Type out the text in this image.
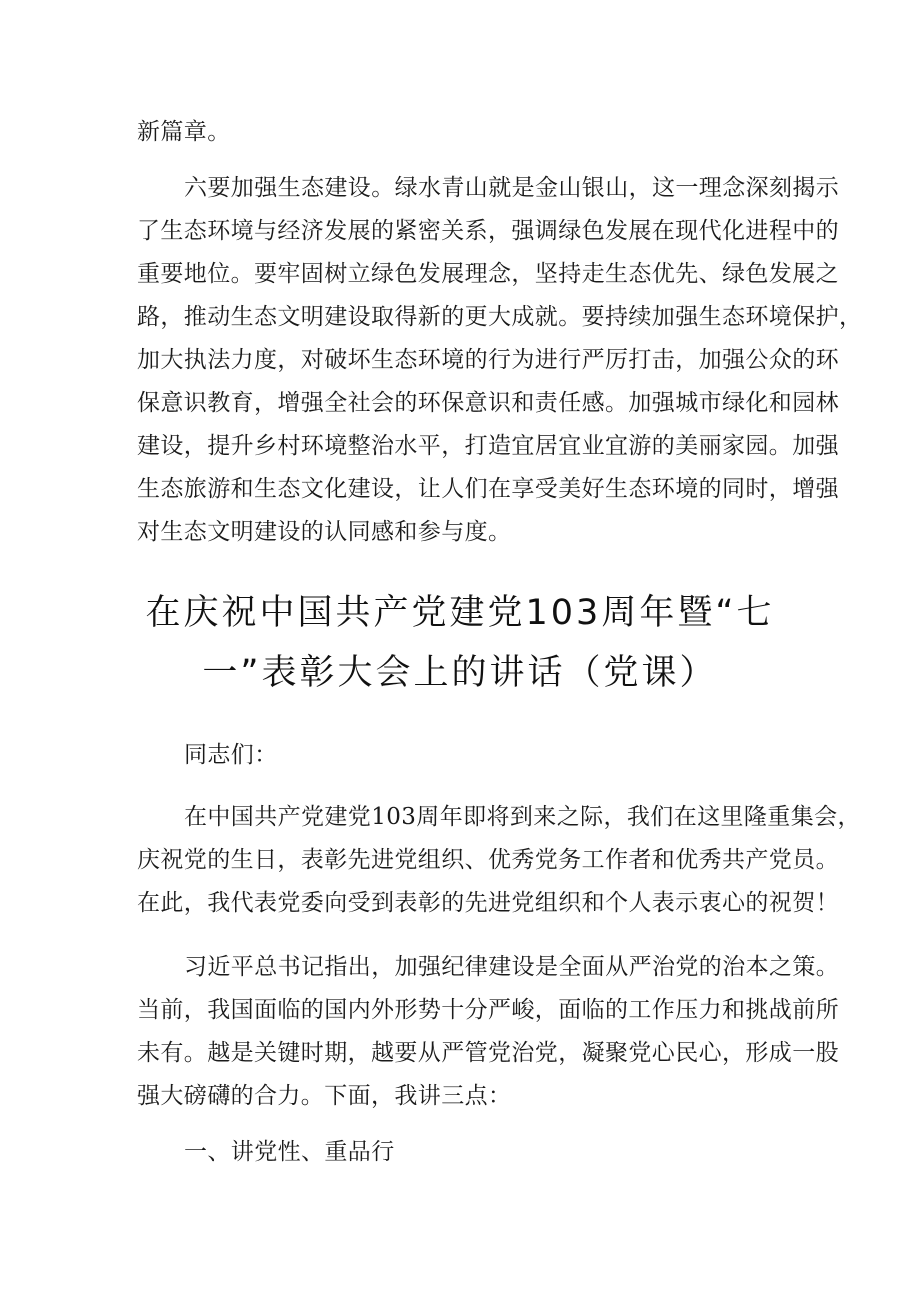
新篇章。
六要加强生态建设。绿水青山就是金山银山，这一理念深刻揭示
了生态环境与经济发展的紧密关系，强调绿色发展在现代化进程中的
重要地位。要牢固树立绿色发展理念，坚持走生态优先、绿色发展之
路，推动生态文明建设取得新的更大成就。要持续加强生态环境保护，
加大执法力度，对破坏生态环境的行为进行严厉打击，加强公众的环
保意识教育，增强全社会的环保意识和责任感。加强城市绿化和园林
建设，提升乡村环境整治水平，打造宜居宜业宜游的美丽家园。加强
生态旅游和生态文化建设，让人们在享受美好生态环境的同时，增强
对生态文明建设的认同感和参与度。
在庆祝中国共产党建党103周年暨“七
一”表彰大会上的讲话（党课）
同志们：
在中国共产党建党103周年即将到来之际，我们在这里隆重集会，
庆祝党的生日，表彰先进党组织、优秀党务工作者和优秀共产党员。
在此，我代表党委向受到表彰的先进党组织和个人表示衷心的祝贺！
习近平总书记指出，加强纪律建设是全面从严治党的治本之策。
当前，我国面临的国内外形势十分严峻，面临的工作压力和挑战前所
未有。越是关键时期，越要从严管党治党，凝聚党心民心，形成一股
强大磅礴的合力。下面，我讲三点：
一、讲党性、重品行
